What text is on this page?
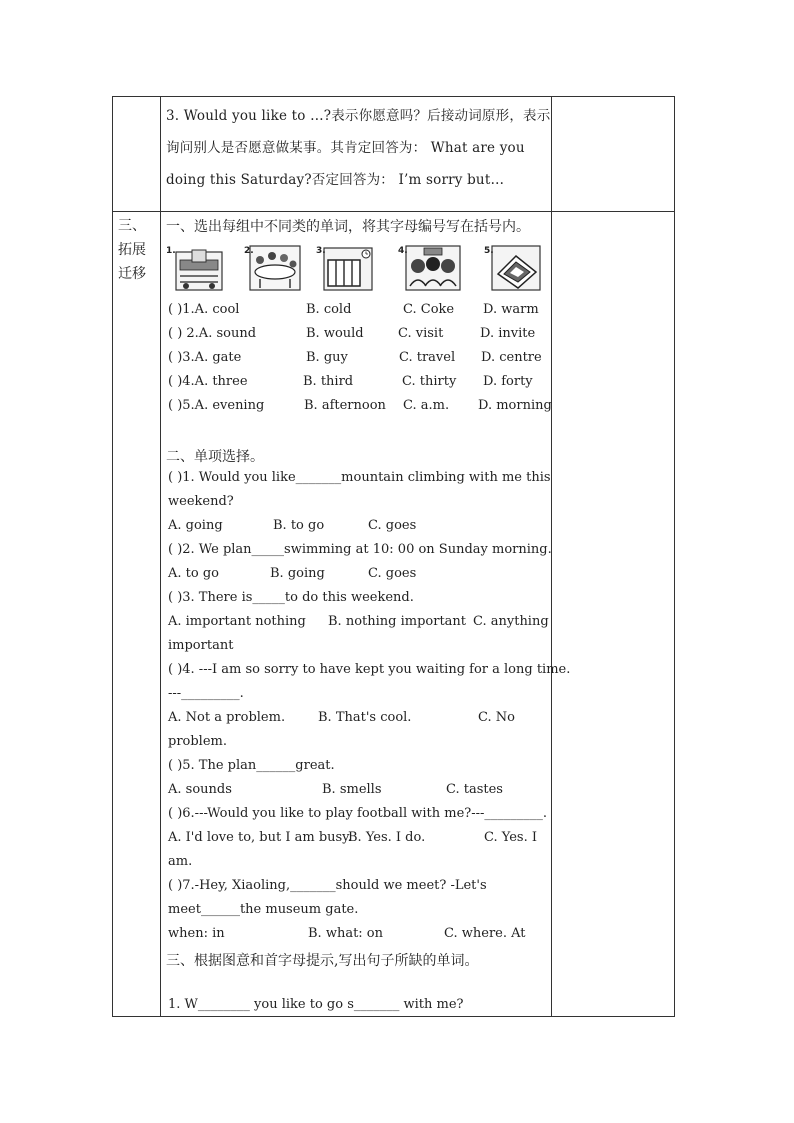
3. Would you like to …?表示你愿意吗？后接动词原形，表示
询问别人是否愿意做某事。其肯定回答为： What are you
doing this Saturday?否定回答为： I’m sorry but…
三、
拓展
迁移
一、选出每组中不同类的单词，将其字母编号写在括号内。
1.	2.	3.	4.	5.
( )1.A. cool	B. cold	C. Coke D. warm
( ) 2.A. sound	B. would	C. visit	D. invite
( )3.A. gate	B. guy	C. travel D. centre
( )4.A. three	B. third	C. thirty D. forty
( )5.A. evening	B. afternoon C. a.m. D. morning
二、单项选择。
( )1. Would you like_______mountain climbing with me this
weekend?
A. going	B. to go	C. goes
( )2. We plan_____swimming at 10: 00 on Sunday morning.
A. to go	B. going	C. goes
( )3. There is_____to do this weekend.
A. important nothing B. nothing important C. anything
important
( )4. ---I am so sorry to have kept you waiting for a long time.
---_________.
A. Not a problem.	B. That's cool.	C. No
problem.
( )5. The plan______great.
A. sounds	B. smells	C. tastes
( )6.---Would you like to play football with me?---_________.
A. I'd love to, but I am busy.
B. Yes. I do.	C. Yes. I
am.
( )7.-Hey, Xiaoling,_______should we meet? -Let's
meet______the museum gate.
when: in	B. what: on	C. where. At
三、根据图意和首字母提示,写出句子所缺的单词。
1. W________ you like to go s_______ with me?
